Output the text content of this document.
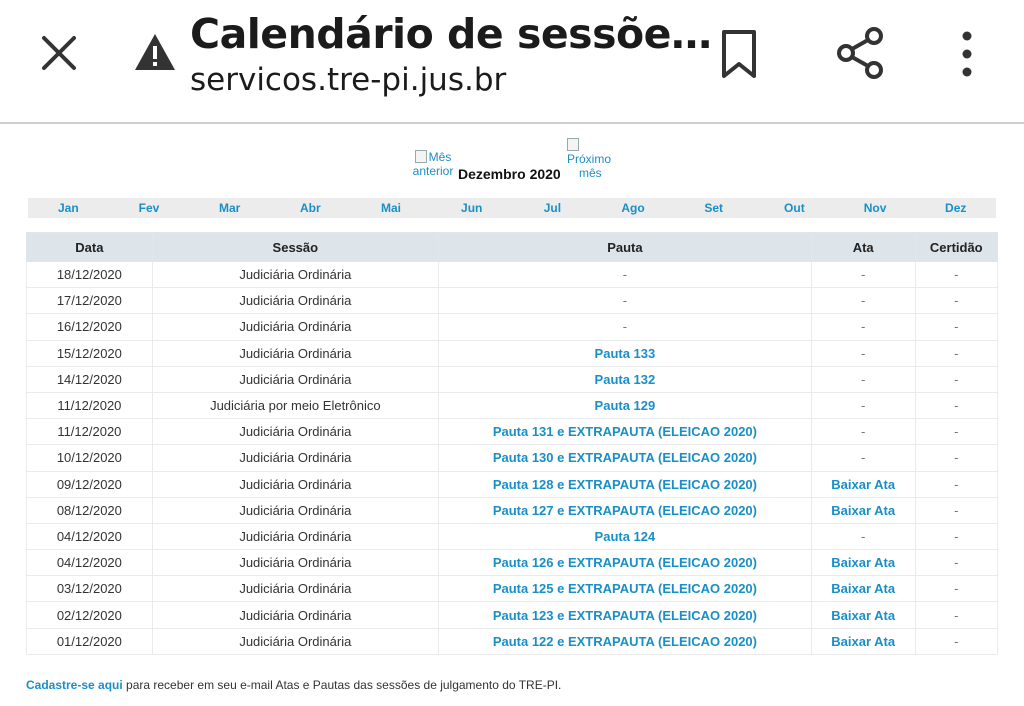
Calendário de sessõe…
servicos.tre-pi.jus.br
Mês
anterior Dezembro 2020

Próximo
mês
Jan	Fev	Mar	Abr	Mai	Jun	Jul	Ago	Set	Out	Nov	Dez
Data	Sessão	Pauta	Ata	Certidão
18/12/2020	Judiciária Ordinária	-	-	-
17/12/2020	Judiciária Ordinária	-	-	-
16/12/2020	Judiciária Ordinária	-	-	-
15/12/2020	Judiciária Ordinária	Pauta 133	-	-
14/12/2020	Judiciária Ordinária	Pauta 132	-	-
11/12/2020	Judiciária por meio Eletrônico	Pauta 129	-	-
11/12/2020	Judiciária Ordinária	Pauta 131 e EXTRAPAUTA (ELEICAO 2020)	-	-
10/12/2020	Judiciária Ordinária	Pauta 130 e EXTRAPAUTA (ELEICAO 2020)	-	-
09/12/2020	Judiciária Ordinária	Pauta 128 e EXTRAPAUTA (ELEICAO 2020)	Baixar Ata	-
08/12/2020	Judiciária Ordinária	Pauta 127 e EXTRAPAUTA (ELEICAO 2020)	Baixar Ata	-
04/12/2020	Judiciária Ordinária	Pauta 124	-	-
04/12/2020	Judiciária Ordinária	Pauta 126 e EXTRAPAUTA (ELEICAO 2020)	Baixar Ata	-
03/12/2020	Judiciária Ordinária	Pauta 125 e EXTRAPAUTA (ELEICAO 2020)	Baixar Ata	-
02/12/2020	Judiciária Ordinária	Pauta 123 e EXTRAPAUTA (ELEICAO 2020)	Baixar Ata	-
01/12/2020	Judiciária Ordinária	Pauta 122 e EXTRAPAUTA (ELEICAO 2020)	Baixar Ata	-
Cadastre-se aqui para receber em seu e-mail Atas e Pautas das sessões de julgamento do TRE-PI.
